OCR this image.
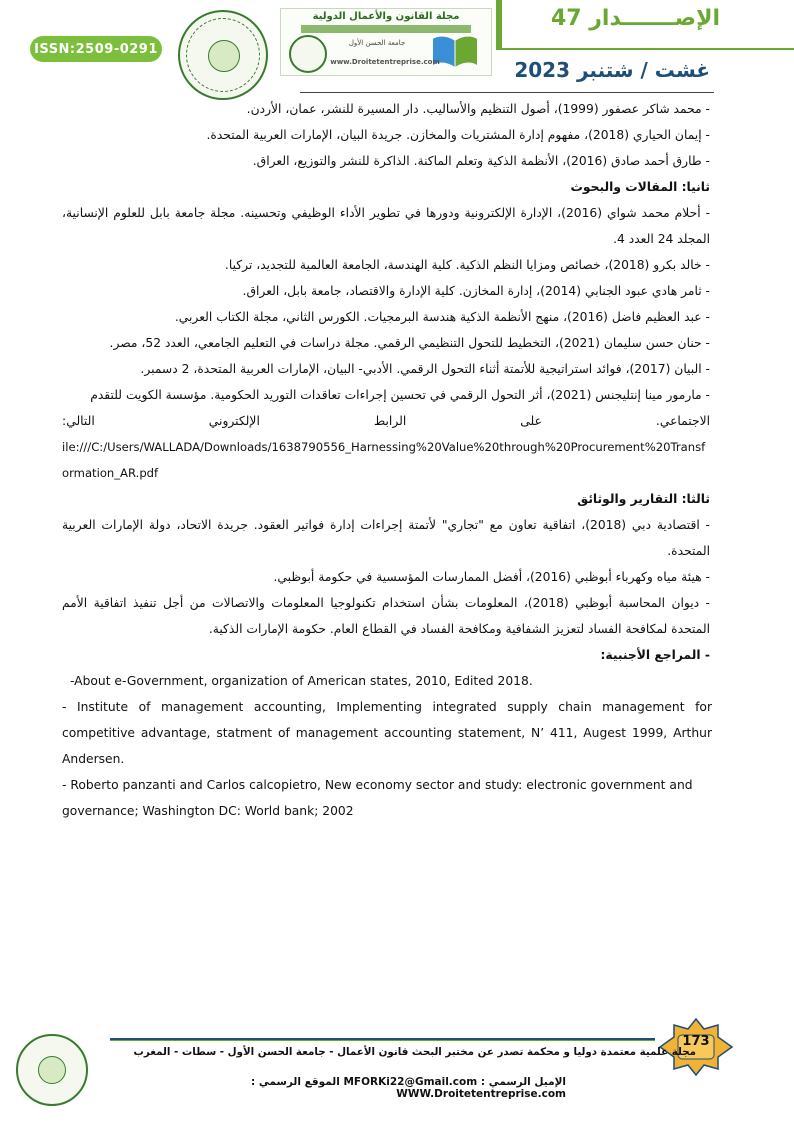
ISSN:2509-0291
مجلة القانون والأعمال الدولية
جامعة الحسن الأول
www.Droitetentreprise.com
الإصـــــــدار 47
غشت / شتنبر 2023

- محمد شاكر عصفور (1999)، أصول التنظيم والأساليب. دار المسيرة للنشر، عمان، الأردن.

- إيمان الحياري (2018)، مفهوم إدارة المشتريات والمخازن. جريدة البيان، الإمارات العربية المتحدة.

- طارق أحمد صادق (2016)، الأنظمة الذكية وتعلم الماكنة. الذاكرة للنشر والتوزيع، العراق.

ثانيا: المقالات والبحوث

- أحلام محمد شواي (2016)، الإدارة الإلكترونية ودورها في تطوير الأداء الوظيفي وتحسينه. مجلة جامعة بابل للعلوم الإنسانية، المجلد 24 العدد 4.

- خالد بكرو (2018)، خصائص ومزايا النظم الذكية. كلية الهندسة، الجامعة العالمية للتجديد، تركيا.

- ثامر هادي عبود الجنابي (2014)، إدارة المخازن. كلية الإدارة والاقتصاد، جامعة بابل، العراق.

- عبد العظيم فاضل (2016)، منهج الأنظمة الذكية هندسة البرمجيات. الكورس الثاني، مجلة الكتاب العربي.

- حنان حسن سليمان (2021)، التخطيط للتحول التنظيمي الرقمي. مجلة دراسات في التعليم الجامعي، العدد 52، مصر.

- البيان (2017)، فوائد استراتيجية للأتمتة أثناء التحول الرقمي. الأدبي- البيان، الإمارات العربية المتحدة، 2 دسمبر.

- مارمور مينا إنتليجنس (2021)، أثر التحول الرقمي في تحسين إجراءات تعاقدات التوريد الحكومية. مؤسسة الكويت للتقدم

الاجتماعي.
على
الرابط
الإلكتروني
التالي:

ile:///C:/Users/WALLADA/Downloads/1638790556_Harnessing%20Value%20through%20Procurement%20Transformation_AR.pdf

ثالثا: التقارير والوثائق

- اقتصادية دبي (2018)، اتفاقية تعاون مع "تجاري" لأتمتة إجراءات إدارة فواتير العقود. جريدة الاتحاد، دولة الإمارات العربية المتحدة.

- هيئة مياه وكهرباء أبوظبي (2016)، أفضل الممارسات المؤسسية في حكومة أبوظبي.

- ديوان المحاسبة أبوظبي (2018)، المعلومات بشأن استخدام تكنولوجيا المعلومات والاتصالات من أجل تنفيذ اتفاقية الأمم المتحدة لمكافحة الفساد لتعزيز الشفافية ومكافحة الفساد في القطاع العام. حكومة الإمارات الذكية.

- المراجع الأجنبية:

-About e-Government, organization of American states, 2010, Edited 2018.

- Institute of management accounting, Implementing integrated supply chain management for competitive advantage, statment of management accounting statement, N’ 411, Augest 1999, Arthur Andersen.

- Roberto panzanti and Carlos calcopietro, New economy sector and study: electronic government and governance; Washington DC: World bank; 2002

173
مجلة علمية معتمدة دوليا و محكمة تصدر عن مختبر البحث قانون الأعمال - جامعة الحسن الأول - سطات - المغرب
الإميل الرسمي : MFORKi22@Gmail.com الموقع الرسمي : WWW.Droitetentreprise.com
